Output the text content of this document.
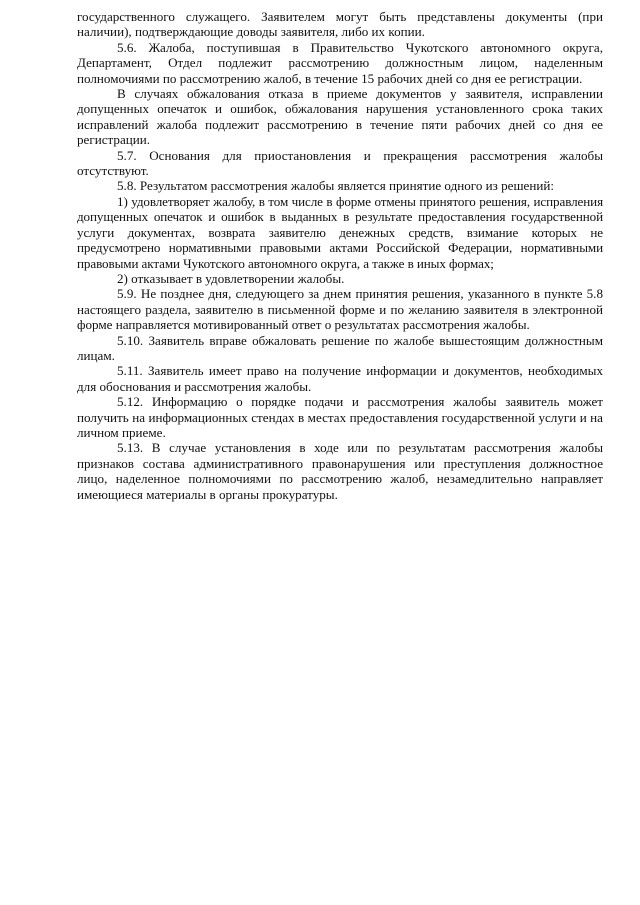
государственного служащего. Заявителем могут быть представлены документы (при наличии), подтверждающие доводы заявителя, либо их копии.

5.6. Жалоба, поступившая в Правительство Чукотского автономного округа, Департамент, Отдел подлежит рассмотрению должностным лицом, наделенным полномочиями по рассмотрению жалоб, в течение 15 рабочих дней со дня ее регистрации.

В случаях обжалования отказа в приеме документов у заявителя, исправлении допущенных опечаток и ошибок, обжалования нарушения установленного срока таких исправлений жалоба подлежит рассмотрению в течение пяти рабочих дней со дня ее регистрации.

5.7. Основания для приостановления и прекращения рассмотрения жалобы отсутствуют.

5.8. Результатом рассмотрения жалобы является принятие одного из решений:

1) удовлетворяет жалобу, в том числе в форме отмены принятого решения, исправления допущенных опечаток и ошибок в выданных в результате предоставления государственной услуги документах, возврата заявителю денежных средств, взимание которых не предусмотрено нормативными правовыми актами Российской Федерации, нормативными правовыми актами Чукотского автономного округа, а также в иных формах;

2) отказывает в удовлетворении жалобы.

5.9. Не позднее дня, следующего за днем принятия решения, указанного в пункте 5.8 настоящего раздела, заявителю в письменной форме и по желанию заявителя в электронной форме направляется мотивированный ответ о результатах рассмотрения жалобы.

5.10. Заявитель вправе обжаловать решение по жалобе вышестоящим должностным лицам.

5.11. Заявитель имеет право на получение информации и документов, необходимых для обоснования и рассмотрения жалобы.

5.12. Информацию о порядке подачи и рассмотрения жалобы заявитель может получить на информационных стендах в местах предоставления государственной услуги и на личном приеме.

5.13. В случае установления в ходе или по результатам рассмотрения жалобы признаков состава административного правонарушения или преступления должностное лицо, наделенное полномочиями по рассмотрению жалоб, незамедлительно направляет имеющиеся материалы в органы прокуратуры.
